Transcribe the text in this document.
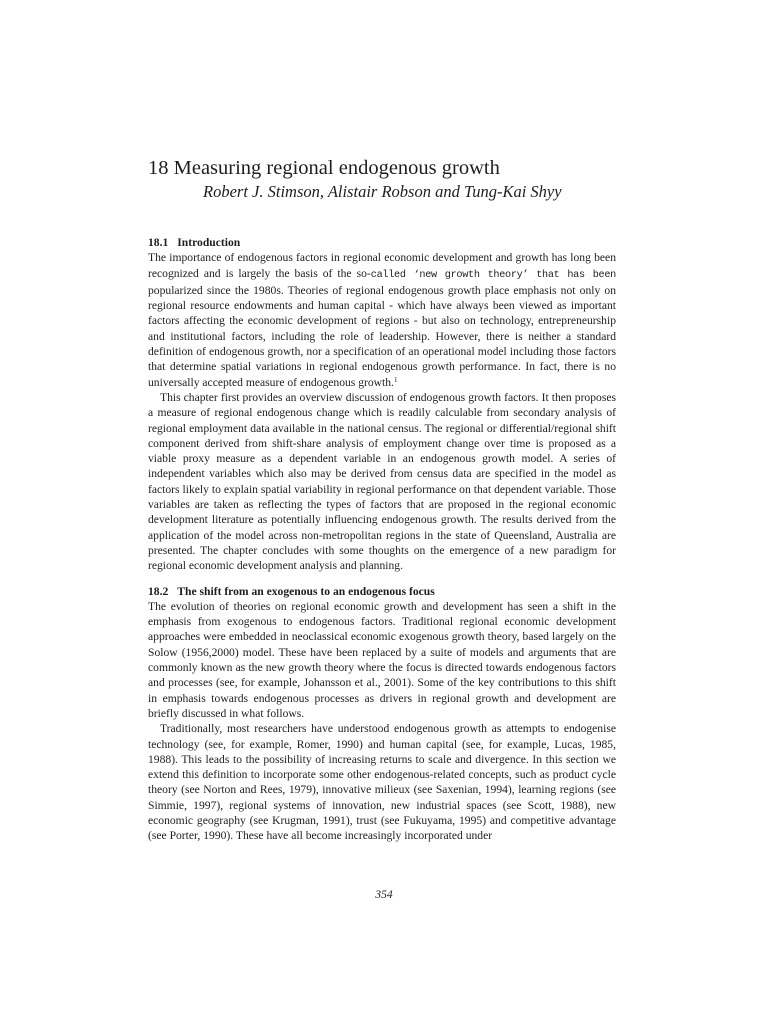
18 Measuring regional endogenous growth
Robert J. Stimson, Alistair Robson and Tung-Kai Shyy
18.1 Introduction

The importance of endogenous factors in regional economic development and growth has long been recognized and is largely the basis of the so-called ‘new growth theory’ that has been popularized since the 1980s. Theories of regional endogenous growth place emphasis not only on regional resource endowments and human capital - which have always been viewed as important factors affecting the economic development of regions - but also on technology, entrepreneurship and institutional factors, including the role of leadership. However, there is neither a standard definition of endogenous growth, nor a specification of an operational model including those factors that determine spatial variations in regional endogenous growth performance. In fact, there is no universally accepted measure of endogenous growth.$^1$

This chapter first provides an overview discussion of endogenous growth factors. It then proposes a measure of regional endogenous change which is readily calculable from secondary analysis of regional employment data available in the national census. The regional or differential/regional shift component derived from shift-share analysis of employment change over time is proposed as a viable proxy measure as a dependent variable in an endogenous growth model. A series of independent variables which also may be derived from census data are specified in the model as factors likely to explain spatial variability in regional performance on that dependent variable. Those variables are taken as reflecting the types of factors that are proposed in the regional economic development literature as potentially influencing endogenous growth. The results derived from the application of the model across non-metropolitan regions in the state of Queensland, Australia are presented. The chapter concludes with some thoughts on the emergence of a new paradigm for regional economic development analysis and planning.

18.2 The shift from an exogenous to an endogenous focus

The evolution of theories on regional economic growth and development has seen a shift in the emphasis from exogenous to endogenous factors. Traditional regional economic development approaches were embedded in neoclassical economic exogenous growth theory, based largely on the Solow (1956,2000) model. These have been replaced by a suite of models and arguments that are commonly known as the new growth theory where the focus is directed towards endogenous factors and processes (see, for example, Johansson et al., 2001). Some of the key contributions to this shift in emphasis towards endogenous processes as drivers in regional growth and development are briefly discussed in what follows.

Traditionally, most researchers have understood endogenous growth as attempts to endogenise technology (see, for example, Romer, 1990) and human capital (see, for example, Lucas, 1985, 1988). This leads to the possibility of increasing returns to scale and divergence. In this section we extend this definition to incorporate some other endogenous-related concepts, such as product cycle theory (see Norton and Rees, 1979), innovative milieux (see Saxenian, 1994), learning regions (see Simmie, 1997), regional systems of innovation, new industrial spaces (see Scott, 1988), new economic geography (see Krugman, 1991), trust (see Fukuyama, 1995) and competitive advantage (see Porter, 1990). These have all become increasingly incorporated under

354
